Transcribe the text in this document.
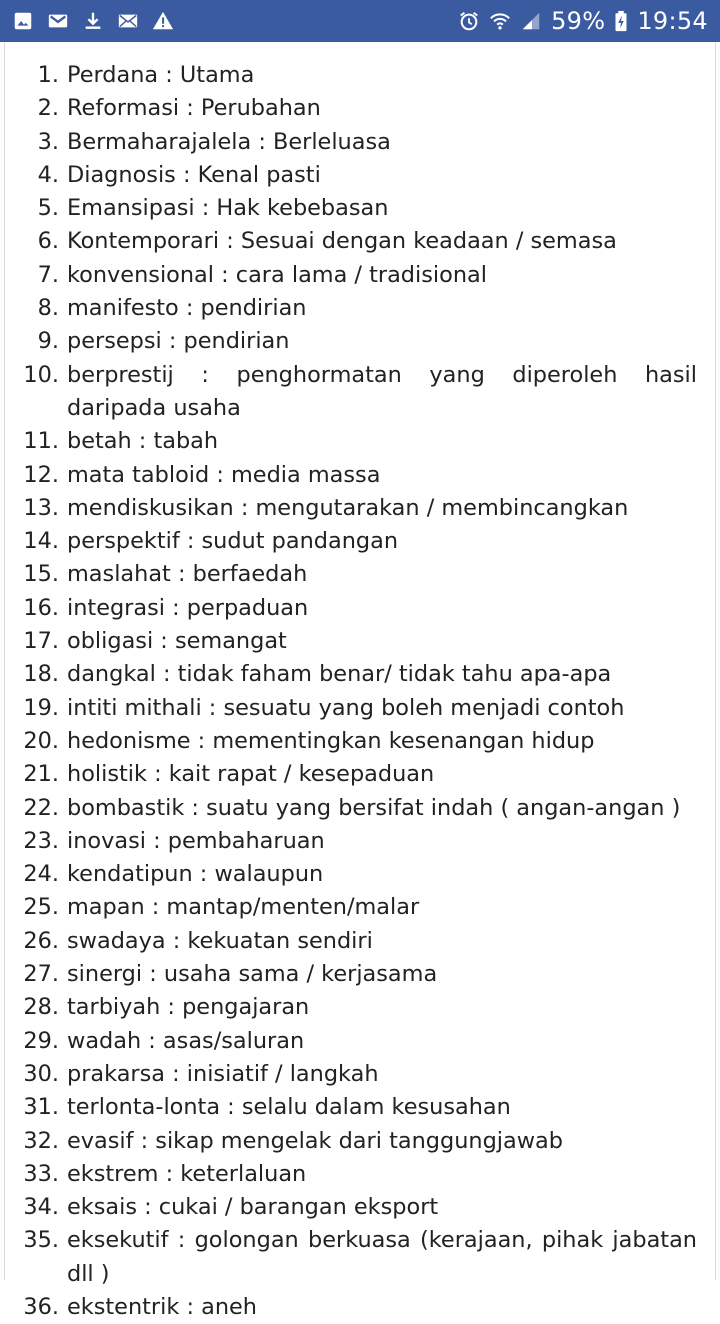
59% 19:54
1. Perdana : Utama
2. Reformasi : Perubahan
3. Bermaharajalela : Berleluasa
4. Diagnosis : Kenal pasti
5. Emansipasi : Hak kebebasan
6. Kontemporari : Sesuai dengan keadaan / semasa
7. konvensional : cara lama / tradisional
8. manifesto : pendirian
9. persepsi : pendirian
10. berprestij : penghormatan yang diperoleh hasil daripada usaha
11. betah : tabah
12. mata tabloid : media massa
13. mendiskusikan : mengutarakan / membincangkan
14. perspektif : sudut pandangan
15. maslahat : berfaedah
16. integrasi : perpaduan
17. obligasi : semangat
18. dangkal : tidak faham benar/ tidak tahu apa-apa
19. intiti mithali : sesuatu yang boleh menjadi contoh
20. hedonisme : mementingkan kesenangan hidup
21. holistik : kait rapat / kesepaduan
22. bombastik : suatu yang bersifat indah ( angan-angan )
23. inovasi : pembaharuan
24. kendatipun : walaupun
25. mapan : mantap/menten/malar
26. swadaya : kekuatan sendiri
27. sinergi : usaha sama / kerjasama
28. tarbiyah : pengajaran
29. wadah : asas/saluran
30. prakarsa : inisiatif / langkah
31. terlonta-lonta : selalu dalam kesusahan
32. evasif : sikap mengelak dari tanggungjawab
33. ekstrem : keterlaluan
34. eksais : cukai / barangan eksport
35. eksekutif : golongan berkuasa (kerajaan, pihak jabatan dll )
36. ekstentrik : aneh
